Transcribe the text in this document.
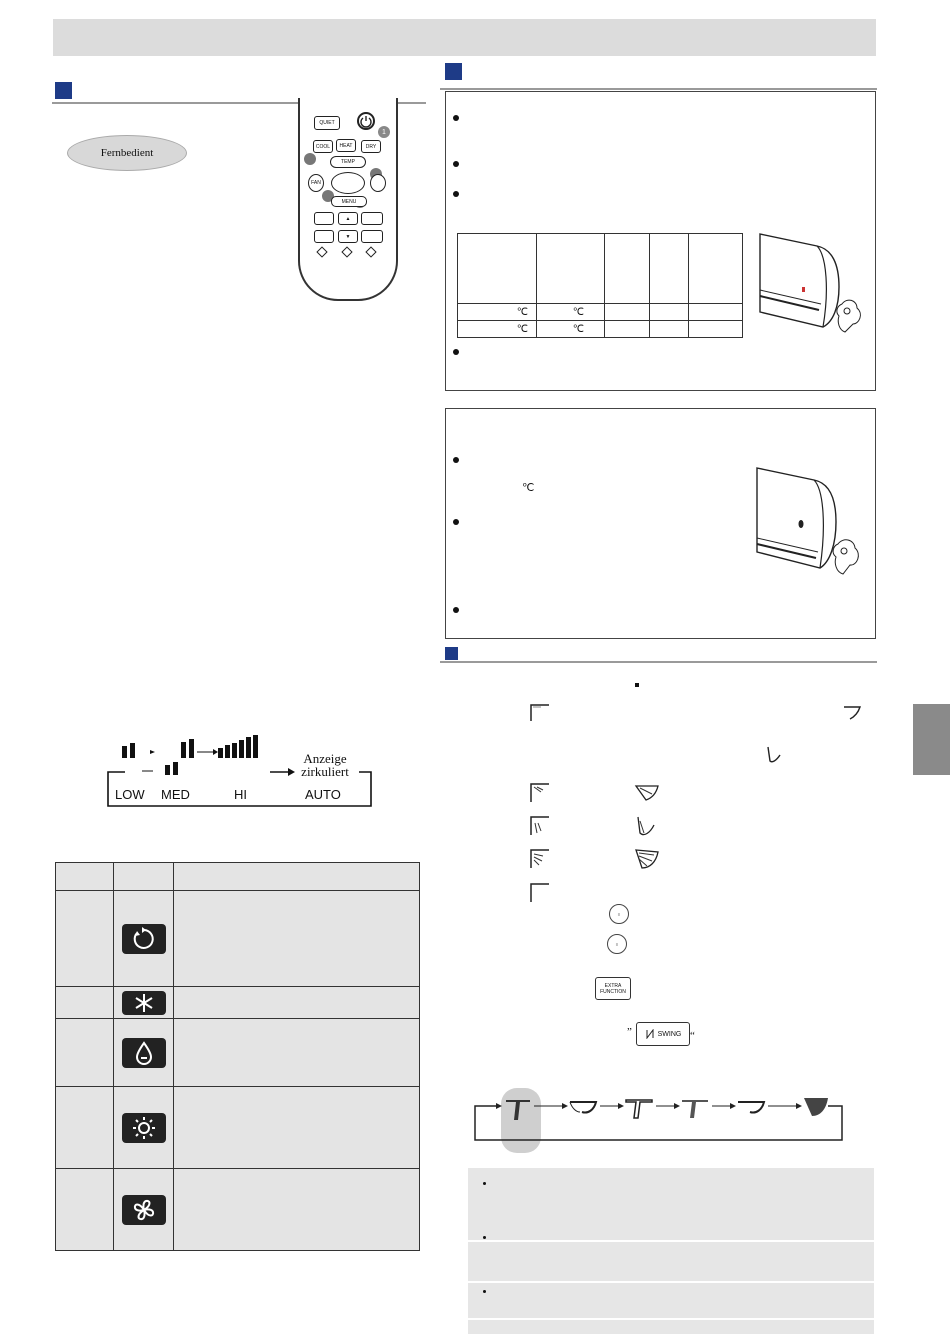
Fernbedient
QUIET
1
COOL HEAT	DRY
TEMP
FAN
MENU
▲
▼
Anzeige
zirkuliert
LOW MED	HI	AUTO

℃	℃			
℃	℃			
℃
≡
≡
EXTRA FUNCTION
„
SWING “
